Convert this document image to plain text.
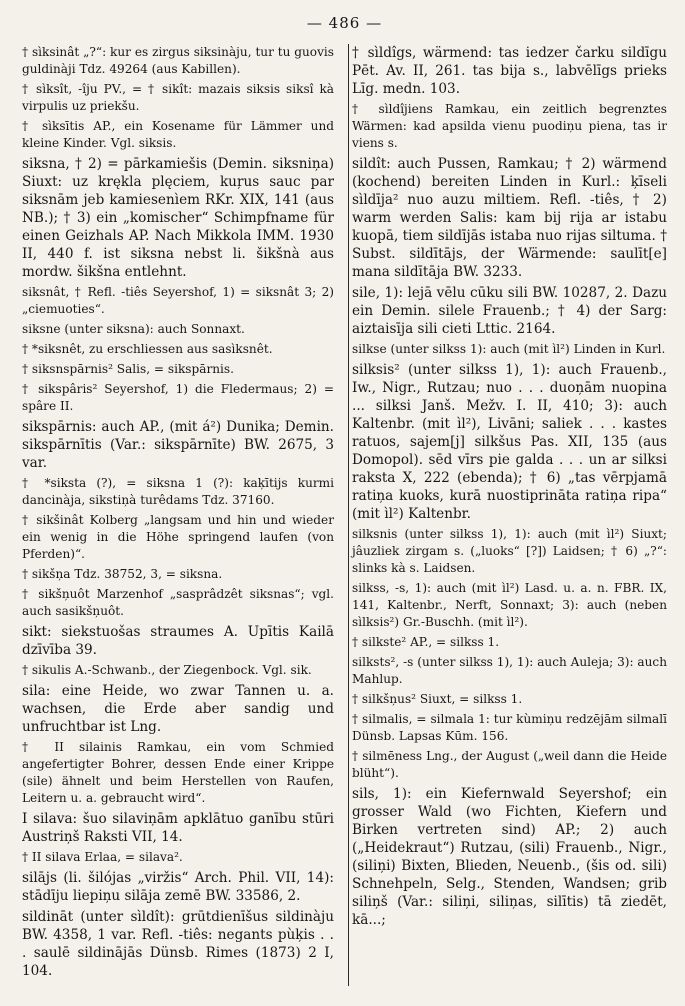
— 486 —

† sìksinât „?“: kur es zirgus siksinàju, tur tu guovis guldinàji Tdz. 49264 (aus Kabillen).

† sìksît, -îju PV., = † sikît: mazais siksis siksî kà virpulis uz priekšu.

† sìksītis AP., ein Kosename für Lämmer und kleine Kinder. Vgl. siksis.

siksna, † 2) = pārkamiešis (Demin. siksniņa) Siuxt: uz krękla plęciem, kuŗus sauc par siksnām jeb kamiesenìem RKr. XIX, 141 (aus NB.); † 3) ein „komischer“ Schimpfname für einen Geizhals AP. Nach Mikkola IMM. 1930 II, 440 f. ist siksna nebst li. šikšnà aus mordw. šikšna entlehnt.

siksnât, † Refl. -tiês Seyershof, 1) = siksnât 3; 2) „ciemuoties“.

siksne (unter siksna): auch Sonnaxt.

† *siksnêt, zu erschliessen aus sasìksnêt.

† siksnspārnis² Salis, = sikspārnis.

† sikspâris² Seyershof, 1) die Fledermaus; 2) = spâre II.

sikspārnis: auch AP., (mit á²) Dunika; Demin. sikspārnītis (Var.: sikspārnīte) BW. 2675, 3 var.

† *siksta (?), = siksna 1 (?): kaķītijs kurmi dancinàja, sikstiņà turêdams Tdz. 37160.

† sikšinât Kolberg „langsam und hin und wieder ein wenig in die Höhe springend laufen (von Pferden)“.

† sikšņa Tdz. 38752, 3, = siksna.

† sikšņuôt Marzenhof „sasprâdzêt siksnas“; vgl. auch sasikšņuôt.

sikt: siekstuošas straumes A. Upītis Kailā dzīvība 39.

† sikulis A.-Schwanb., der Ziegenbock. Vgl. sik.

sila: eine Heide, wo zwar Tannen u. a. wachsen, die Erde aber sandig und unfruchtbar ist Lng.

† II silainis Ramkau, ein vom Schmied angefertigter Bohrer, dessen Ende einer Krippe (sile) ähnelt und beim Herstellen von Raufen, Leitern u. a. gebraucht wird“.

I silava: šuo silaviņām apklātuo ganību stūri Austriņš Raksti VII, 14.

† II silava Erlaa, = silava².

silājs (li. šilójas „viržis“ Arch. Phil. VII, 14): stādīju liepiņu silāja zemē BW. 33586, 2.

sildināt (unter sìldît): grūtdienīšus sildinàju BW. 4358, 1 var. Refl. -tiês: negants pùķis . . . saulē sildinājās Dünsb. Rimes (1873) 2 I, 104.

† sìldîgs, wärmend: tas iedzer čarku sildīgu Pēt. Av. II, 261. tas bija s., labvēlīgs prieks Līg. medn. 103.

† sìldîjiens Ramkau, ein zeitlich begrenztes Wärmen: kad apsilda vienu puodiņu piena, tas ir viens s.

sildît: auch Pussen, Ramkau; † 2) wärmend (kochend) bereiten Linden in Kurl.: ķīseli sìldīja² nuo auzu miltiem. Refl. -tiês, † 2) warm werden Salis: kam bij rija ar istabu kuopā, tiem sildījās istaba nuo rijas siltuma. † Subst. sildītājs, der Wärmende: saulīt[e] mana sildītāja BW. 3233.

sile, 1): lejā vēlu cūku sili BW. 10287, 2. Dazu ein Demin. silele Frauenb.; † 4) der Sarg: aiztaisīja sili cieti Lttic. 2164.

silkse (unter silkss 1): auch (mit ìl²) Linden in Kurl.

silksis² (unter silkss 1), 1): auch Frauenb., Iw., Nigr., Rutzau; nuo . . . duoņām nuopina ... silksi Janš. Mežv. I. II, 410; 3): auch Kaltenbr. (mit ìl²), Livāni; saliek . . . kastes ratuos, sajem[j] silkšus Pas. XII, 135 (aus Domopol). sēd vīrs pie galda . . . un ar silksi raksta X, 222 (ebenda); † 6) „tas vērpjamā ratiņa kuoks, kurā nuostiprināta ratiņa ripa“ (mit ìl²) Kaltenbr.

silksnis (unter silkss 1), 1): auch (mit ìl²) Siuxt; jâuzliek zirgam s. („luoks“ [?]) Laidsen; † 6) „?“: slinks kà s. Laidsen.

silkss, -s, 1): auch (mit ìl²) Lasd. u. a. n. FBR. IX, 141, Kaltenbr., Nerft, Sonnaxt; 3): auch (neben sìlksis²) Gr.-Buschh. (mit ìl²).

† silkste² AP., = silkss 1.

silksts², -s (unter silkss 1), 1): auch Auleja; 3): auch Mahlup.

† silkšņus² Siuxt, = silkss 1.

† silmalis, = silmala 1: tur kùmiņu redzējām silmalī Dünsb. Lapsas Kūm. 156.

† silmēness Lng., der August („weil dann die Heide blüht“).

sils, 1): ein Kiefernwald Seyershof; ein grosser Wald (wo Fichten, Kiefern und Birken vertreten sind) AP.; 2) auch („Heidekraut“) Rutzau, (sili) Frauenb., Nigr., (siliņi) Bixten, Blieden, Neuenb., (šis od. sili) Schnehpeln, Selg., Stenden, Wandsen; grib siliņš (Var.: siliņi, siliņas, silītis) tā ziedēt, kā...;
